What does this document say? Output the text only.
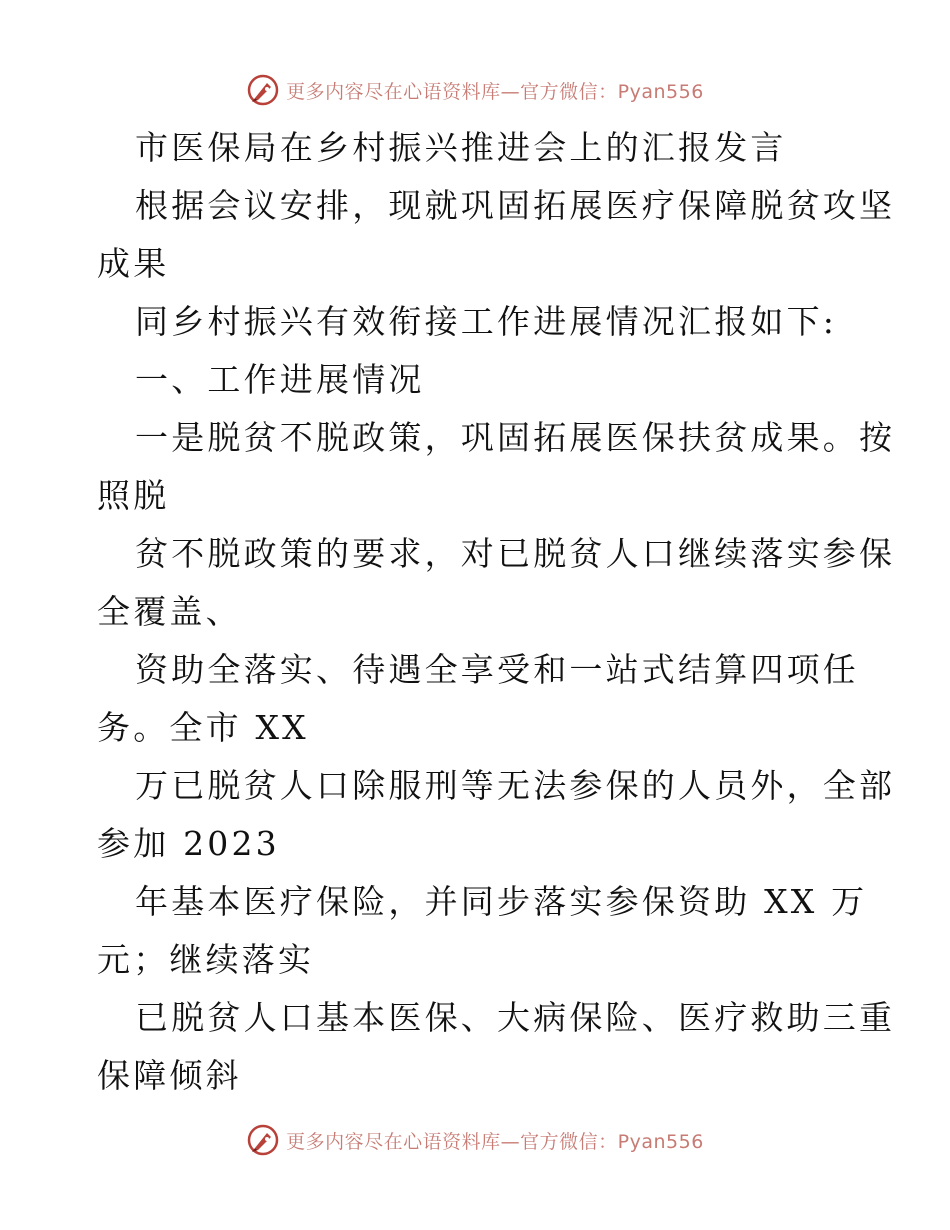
更多内容尽在心语资料库—官方微信：Pyan556
市医保局在乡村振兴推进会上的汇报发言
根据会议安排，现就巩固拓展医疗保障脱贫攻坚
成果
同乡村振兴有效衔接工作进展情况汇报如下:
一、工作进展情况
一是脱贫不脱政策，巩固拓展医保扶贫成果。按
照脱
贫不脱政策的要求，对已脱贫人口继续落实参保
全覆盖、
资助全落实、待遇全享受和一站式结算四项任
务。全市 XX
万已脱贫人口除服刑等无法参保的人员外，全部
参加 2023
年基本医疗保险，并同步落实参保资助 XX 万
元；继续落实
已脱贫人口基本医保、大病保险、医疗救助三重
保障倾斜
更多内容尽在心语资料库—官方微信：Pyan556
